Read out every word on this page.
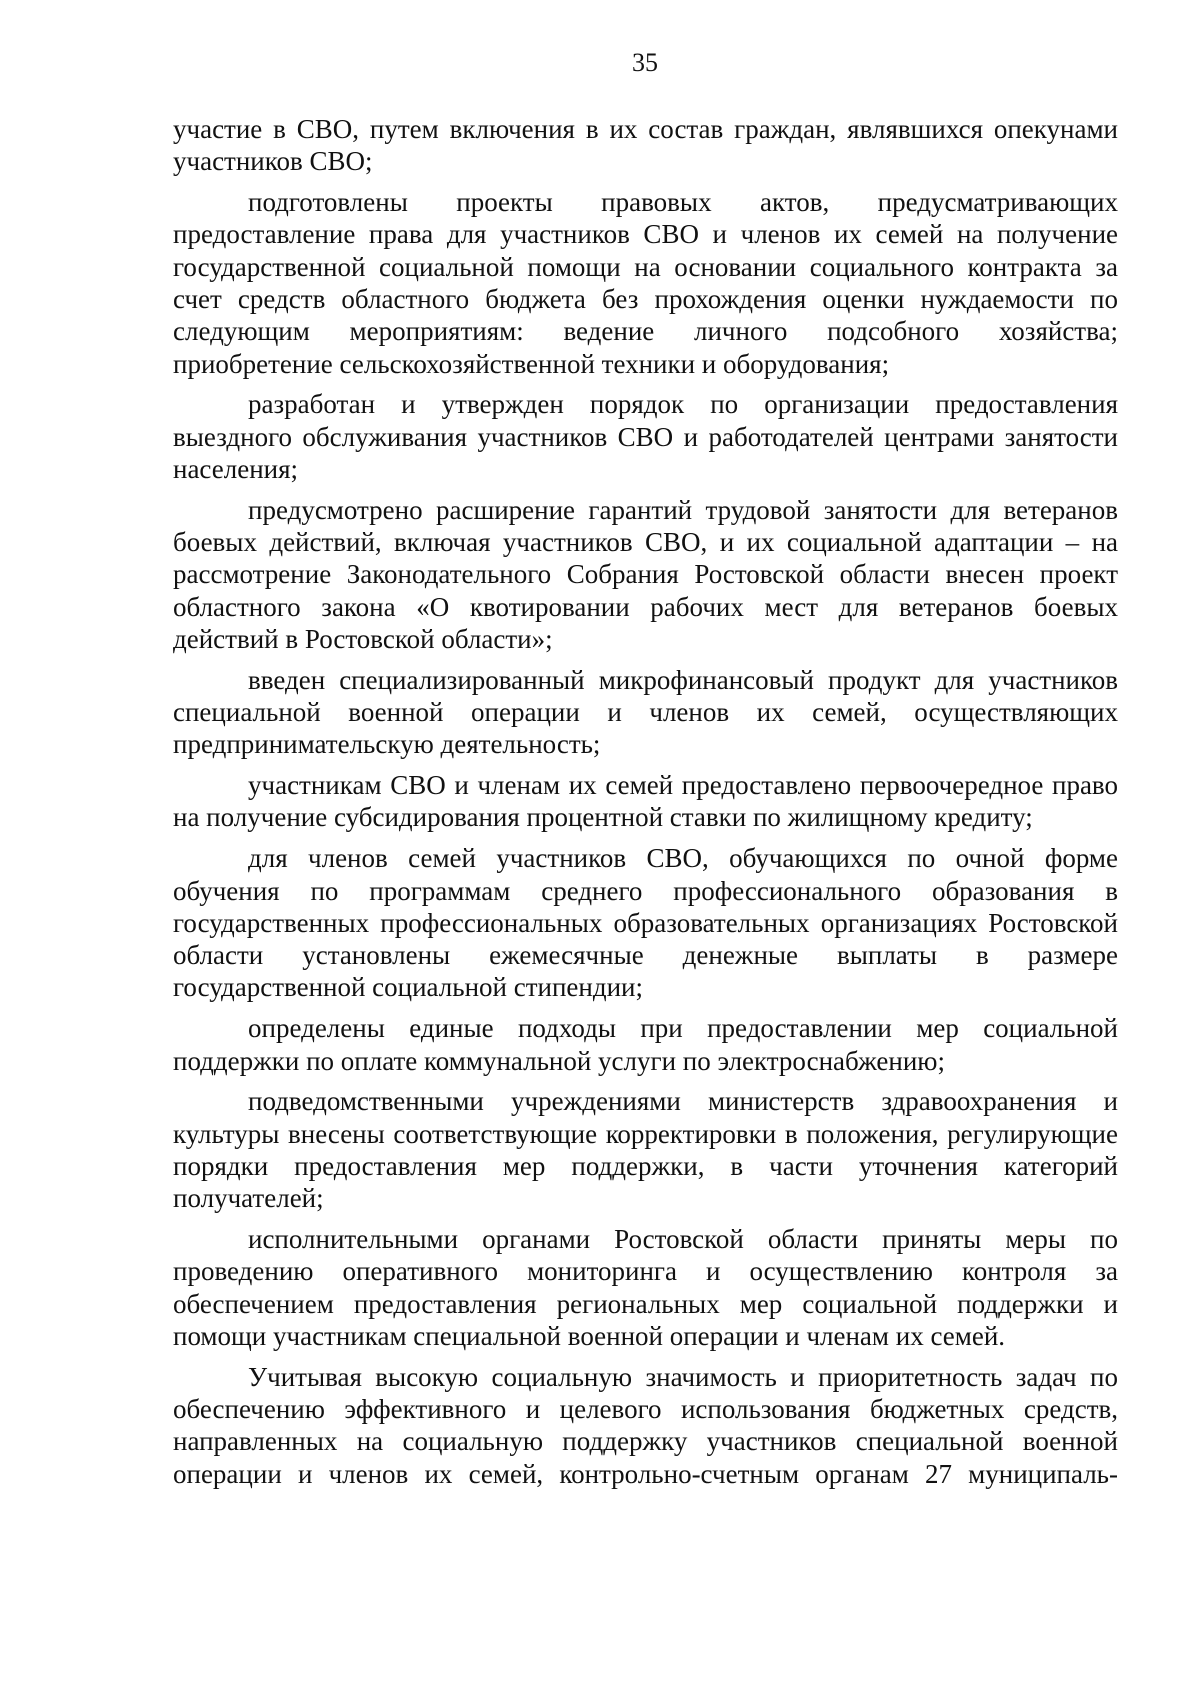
35

участие в СВО, путем включения в их состав граждан, являвшихся опекунами участников СВО;

подготовлены проекты правовых актов, предусматривающих предоставление права для участников СВО и членов их семей на получение государственной социальной помощи на основании социального контракта за счет средств областного бюджета без прохождения оценки нуждаемости по следующим мероприятиям: ведение личного подсобного хозяйства; приобретение сельскохозяйственной техники и оборудования;

разработан и утвержден порядок по организации предоставления выездного обслуживания участников СВО и работодателей центрами занятости населения;

предусмотрено расширение гарантий трудовой занятости для ветеранов боевых действий, включая участников СВО, и их социальной адаптации – на рассмотрение Законодательного Собрания Ростовской области внесен проект областного закона «О квотировании рабочих мест для ветеранов боевых действий в Ростовской области»;

введен специализированный микрофинансовый продукт для участников специальной военной операции и членов их семей, осуществляющих предпринимательскую деятельность;

участникам СВО и членам их семей предоставлено первоочередное право на получение субсидирования процентной ставки по жилищному кредиту;

для членов семей участников СВО, обучающихся по очной форме обучения по программам среднего профессионального образования в государственных профессиональных образовательных организациях Ростовской области установлены ежемесячные денежные выплаты в размере государственной социальной стипендии;

определены единые подходы при предоставлении мер социальной поддержки по оплате коммунальной услуги по электроснабжению;

подведомственными учреждениями министерств здравоохранения и культуры внесены соответствующие корректировки в положения, регулирующие порядки предоставления мер поддержки, в части уточнения категорий получателей;

исполнительными органами Ростовской области приняты меры по проведению оперативного мониторинга и осуществлению контроля за обеспечением предоставления региональных мер социальной поддержки и помощи участникам специальной военной операции и членам их семей.

Учитывая высокую социальную значимость и приоритетность задач по обеспечению эффективного и целевого использования бюджетных средств, направленных на социальную поддержку участников специальной военной операции и членов их семей, контрольно-счетным органам 27 муниципаль-
